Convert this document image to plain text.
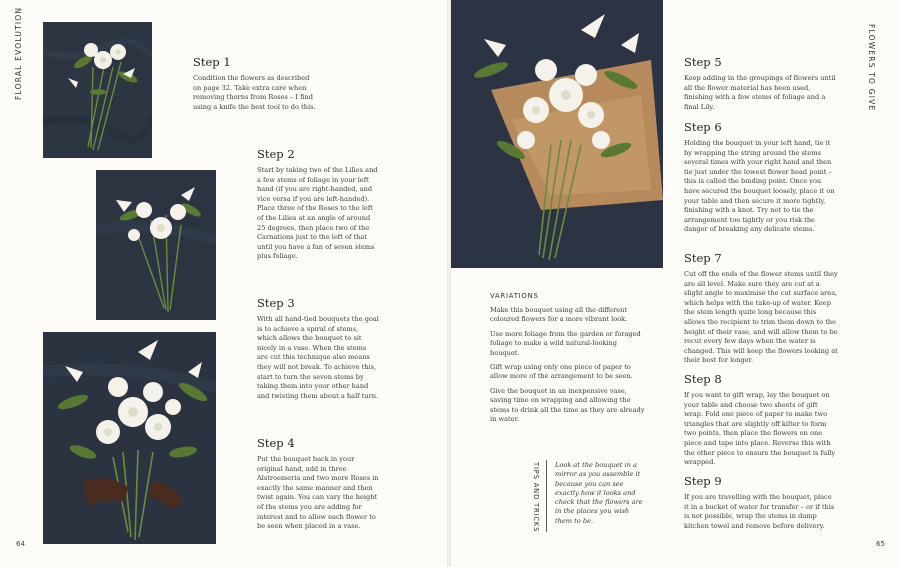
FLORAL EVOLUTION	FLOWERS TO GIVE
64	65
Step 1
Condition the flowers as described on page 32. Take extra care when removing thorns from Roses – I find using a knife the best tool to do this.
Step 2
Start by taking two of the Lilies and a few stems of foliage in your left hand (if you are right-handed, and vice versa if you are left-handed). Place three of the Roses to the left of the Lilies at an angle of around 25 degrees, then place two of the Carnations just to the left of that until you have a fan of seven stems plus foliage.
Step 3
With all hand-tied bouquets the goal is to achieve a spiral of stems, which allows the bouquet to sit nicely in a vase. When the stems are cut this technique also means they will not break. To achieve this, start to turn the seven stems by taking them into your other hand and twisting them about a half turn.
Step 4
Put the bouquet back in your original hand, add in three Alstroemeria and two more Roses in exactly the same manner and then twist again. You can vary the height of the stems you are adding for interest and to allow each flower to be seen when placed in a vase.
Step 5
Keep adding in the groupings of flowers until all the flower material has been used, finishing with a few stems of foliage and a final Lily.
Step 6
Holding the bouquet in your left hand, tie it by wrapping the string around the stems several times with your right hand and then tie just under the lowest flower head point – this is called the binding point. Once you have secured the bouquet loosely, place it on your table and then secure it more tightly, finishing with a knot. Try not to tie the arrangement too tightly or you risk the danger of breaking any delicate stems.
Step 7
Cut off the ends of the flower stems until they are all level. Make sure they are cut at a slight angle to maximise the cut surface area, which helps with the take-up of water. Keep the stem length quite long because this allows the recipient to trim them down to the height of their vase, and will allow them to be recut every few days when the water is changed. This will keep the flowers looking at their best for longer.
Step 8
If you want to gift wrap, lay the bouquet on your table and choose two sheets of gift wrap. Fold one piece of paper to make two triangles that are slightly off kilter to form two points, then place the flowers on one piece and tape into place. Reverse this with the other piece to ensure the bouquet is fully wrapped.
Step 9
If you are travelling with the bouquet, place it in a bucket of water for transfer – or if this is not possible, wrap the stems in damp kitchen towel and remove before delivery.
VARIATIONS

Make this bouquet using all the different coloured flowers for a more vibrant look.

Use more foliage from the garden or foraged foliage to make a wild natural-looking bouquet.

Gift wrap using only one piece of paper to allow more of the arrangement to be seen.

Give the bouquet in an inexpensive vase, saving time on wrapping and allowing the stems to drink all the time as they are already in water.

TIPS AND TRICKS Look at the bouquet in a mirror as you assemble it because you can see exactly how it looks and check that the flowers are in the places you wish them to be.
